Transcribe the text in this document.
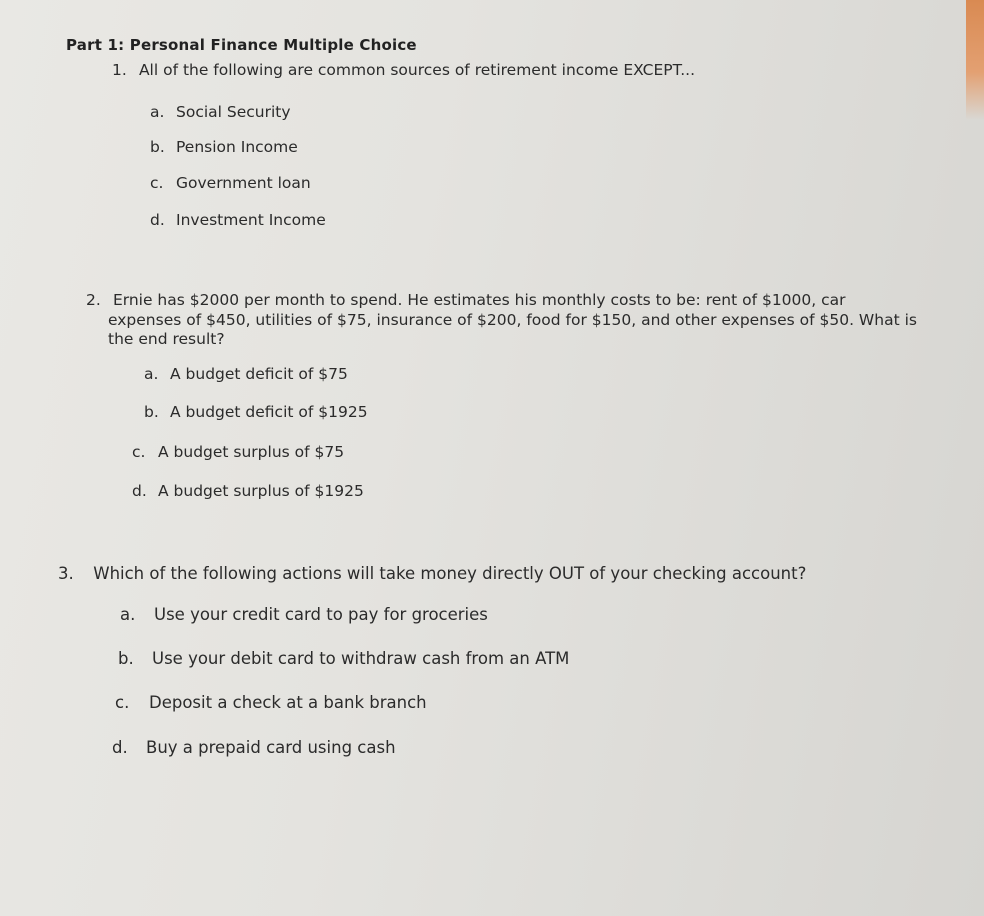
Part 1: Personal Finance Multiple Choice
1. All of the following are common sources of retirement income EXCEPT...
a. Social Security
b. Pension Income
c. Government loan
d. Investment Income
2. Ernie has $2000 per month to spend. He estimates his monthly costs to be: rent of $1000, car
expenses of $450, utilities of $75, insurance of $200, food for $150, and other expenses of $50. What is
the end result?
a. A budget deficit of $75
b. A budget deficit of $1925
c. A budget surplus of $75
d. A budget surplus of $1925
3. Which of the following actions will take money directly OUT of your checking account?
a. Use your credit card to pay for groceries
b. Use your debit card to withdraw cash from an ATM
c. Deposit a check at a bank branch
d. Buy a prepaid card using cash
